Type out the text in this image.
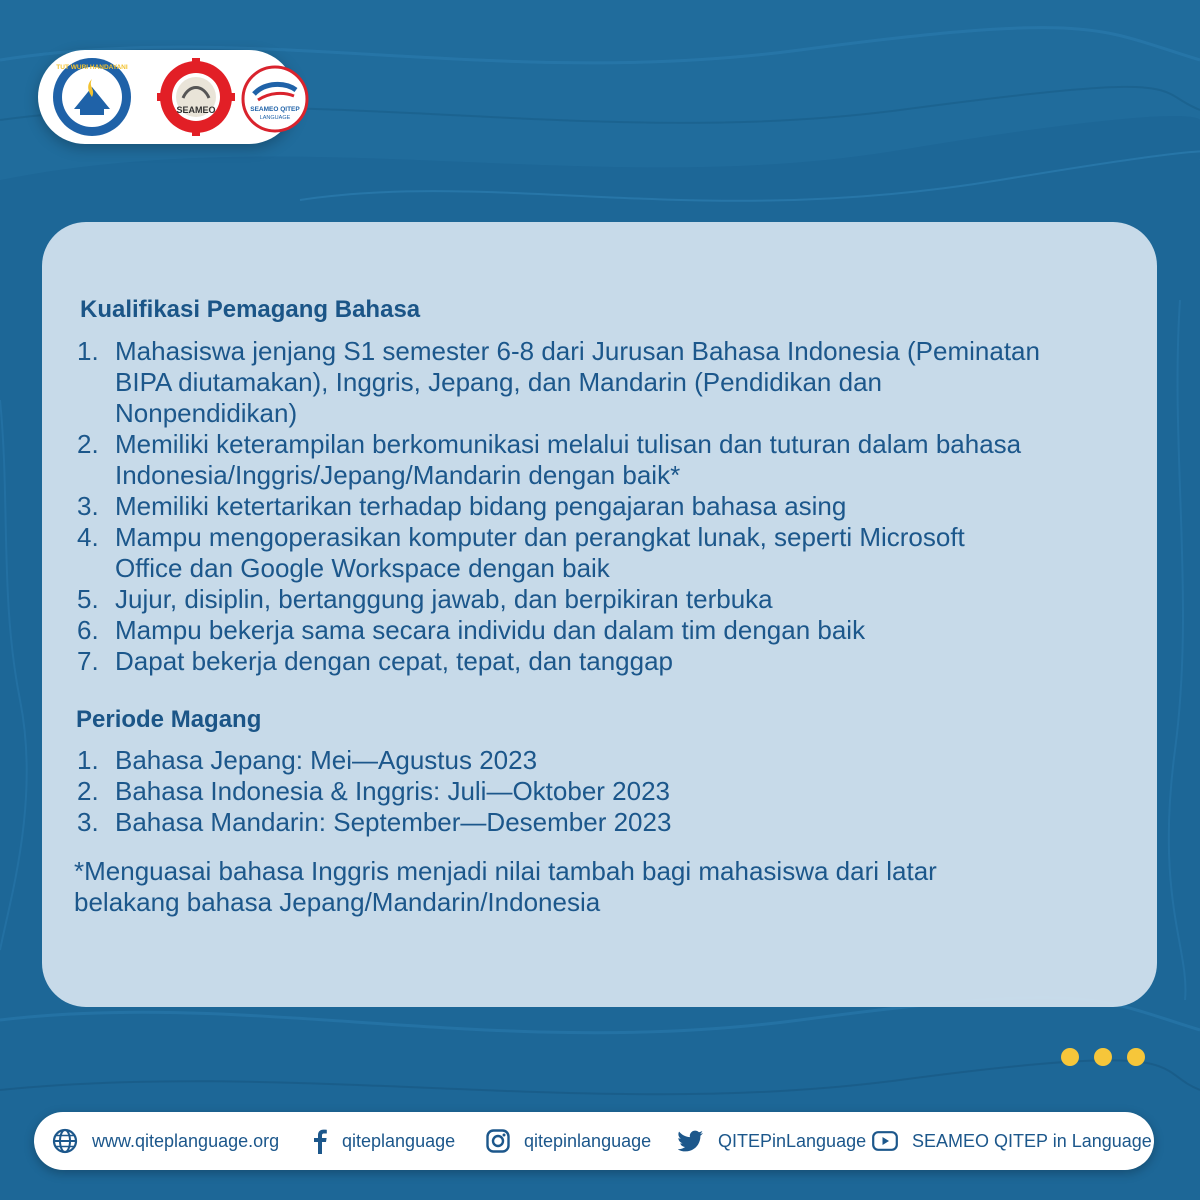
TUT WURI HANDAYANI
SEAMEO	SEAMEO QITEP
LANGUAGE
Kualifikasi Pemagang Bahasa
1. Mahasiswa jenjang S1 semester 6-8 dari Jurusan Bahasa Indonesia (Peminatan
BIPA diutamakan), Inggris, Jepang, dan Mandarin (Pendidikan dan
Nonpendidikan)
2. Memiliki keterampilan berkomunikasi melalui tulisan dan tuturan dalam bahasa
Indonesia/Inggris/Jepang/Mandarin dengan baik*
3. Memiliki ketertarikan terhadap bidang pengajaran bahasa asing
4. Mampu mengoperasikan komputer dan perangkat lunak, seperti Microsoft
Office dan Google Workspace dengan baik
5. Jujur, disiplin, bertanggung jawab, dan berpikiran terbuka
6. Mampu bekerja sama secara individu dan dalam tim dengan baik
7. Dapat bekerja dengan cepat, tepat, dan tanggap
Periode Magang
1. Bahasa Jepang: Mei—Agustus 2023
2. Bahasa Indonesia & Inggris: Juli—Oktober 2023
3. Bahasa Mandarin: September—Desember 2023

*Menguasai bahasa Inggris menjadi nilai tambah bagi mahasiswa dari latar
belakang bahasa Jepang/Mandarin/Indonesia

www.qiteplanguage.org	qiteplanguage	qitepinlanguage	QITEPinLanguage	SEAMEO QITEP in Language
